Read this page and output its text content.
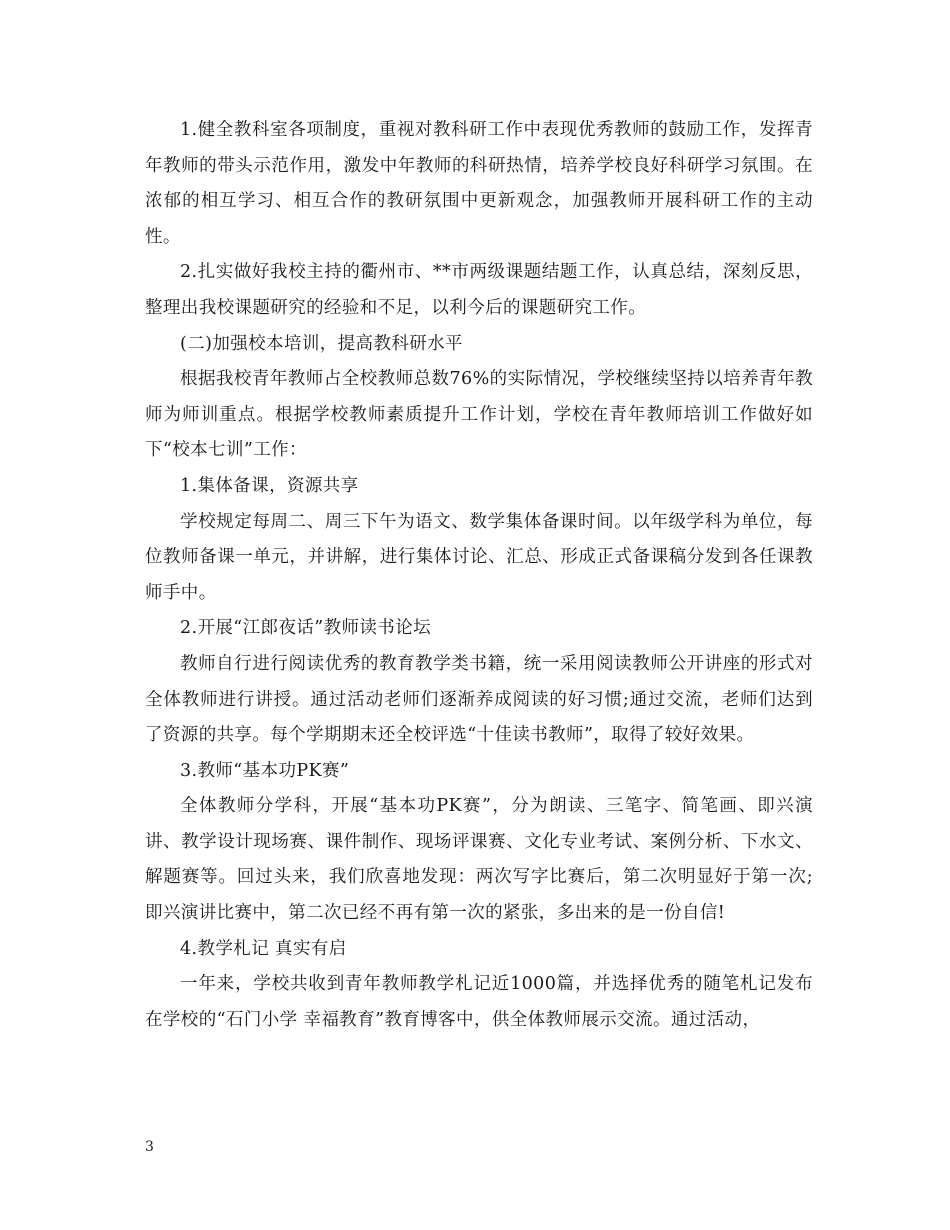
1.健全教科室各项制度，重视对教科研工作中表现优秀教师的鼓励工作，发挥青年教师的带头示范作用，激发中年教师的科研热情，培养学校良好科研学习氛围。在浓郁的相互学习、相互合作的教研氛围中更新观念，加强教师开展科研工作的主动性。

2.扎实做好我校主持的衢州市、**市两级课题结题工作，认真总结，深刻反思，整理出我校课题研究的经验和不足，以利今后的课题研究工作。

(二)加强校本培训，提高教科研水平

根据我校青年教师占全校教师总数76%的实际情况，学校继续坚持以培养青年教师为师训重点。根据学校教师素质提升工作计划，学校在青年教师培训工作做好如下“校本七训”工作：

1.集体备课，资源共享

学校规定每周二、周三下午为语文、数学集体备课时间。以年级学科为单位，每位教师备课一单元，并讲解，进行集体讨论、汇总、形成正式备课稿分发到各任课教师手中。

2.开展“江郎夜话”教师读书论坛

教师自行进行阅读优秀的教育教学类书籍，统一采用阅读教师公开讲座的形式对全体教师进行讲授。通过活动老师们逐渐养成阅读的好习惯;通过交流，老师们达到了资源的共享。每个学期期末还全校评选“十佳读书教师”，取得了较好效果。

3.教师“基本功PK赛”

全体教师分学科，开展“基本功PK赛”，分为朗读、三笔字、简笔画、即兴演讲、教学设计现场赛、课件制作、现场评课赛、文化专业考试、案例分析、下水文、解题赛等。回过头来，我们欣喜地发现：两次写字比赛后，第二次明显好于第一次;即兴演讲比赛中，第二次已经不再有第一次的紧张，多出来的是一份自信!

4.教学札记 真实有启

一年来，学校共收到青年教师教学札记近1000篇，并选择优秀的随笔札记发布在学校的“石门小学 幸福教育”教育博客中，供全体教师展示交流。通过活动，

3
